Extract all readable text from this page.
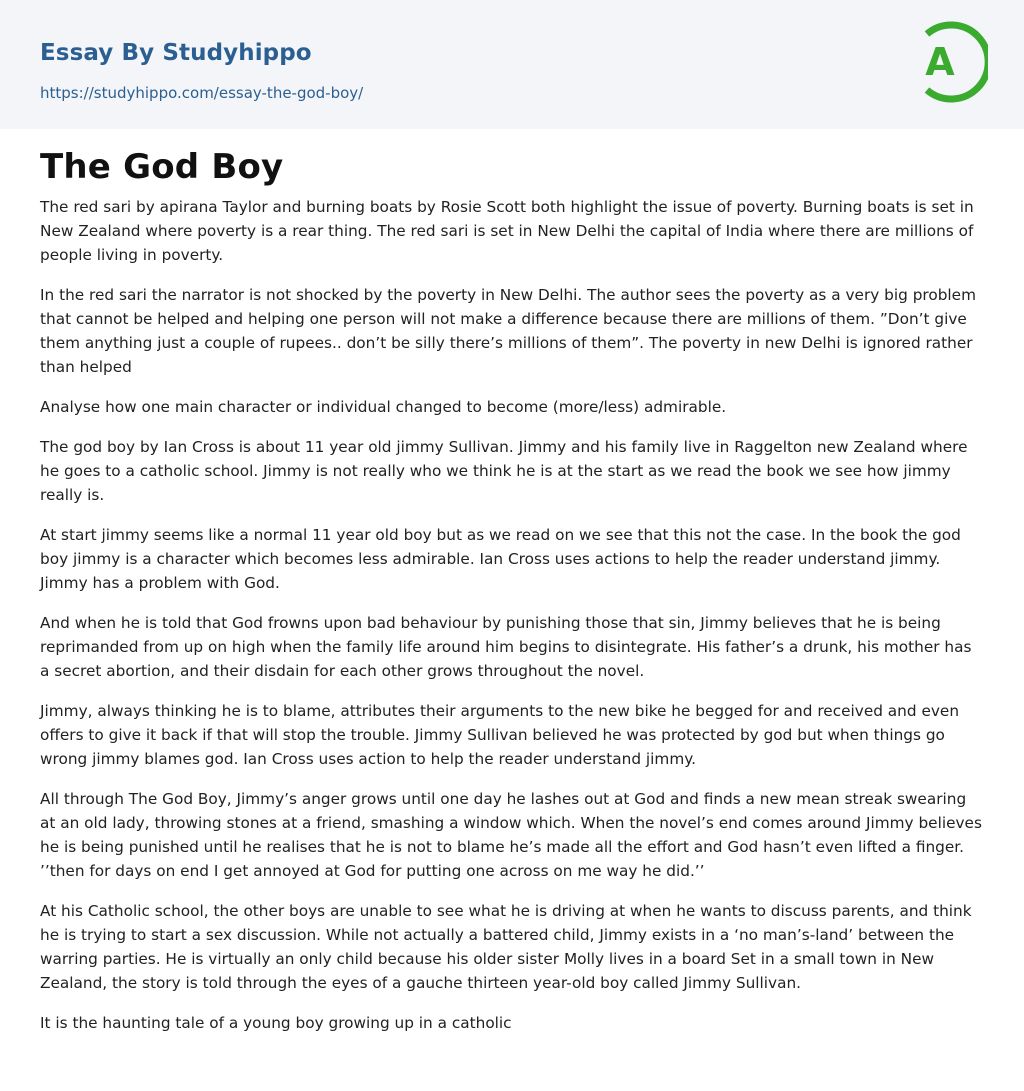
Essay By Studyhippo
https://studyhippo.com/essay-the-god-boy/
A
The God Boy

The red sari by apirana Taylor and burning boats by Rosie Scott both highlight the issue of poverty. Burning boats is set in New Zealand where poverty is a rear thing. The red sari is set in New Delhi the capital of India where there are millions of people living in poverty.

In the red sari the narrator is not shocked by the poverty in New Delhi. The author sees the poverty as a very big problem that cannot be helped and helping one person will not make a difference because there are millions of them. ”Don’t give them anything just a couple of rupees.. don’t be silly there’s millions of them”. The poverty in new Delhi is ignored rather than helped

Analyse how one main character or individual changed to become (more/less) admirable.

The god boy by Ian Cross is about 11 year old jimmy Sullivan. Jimmy and his family live in Raggelton new Zealand where he goes to a catholic school. Jimmy is not really who we think he is at the start as we read the book we see how jimmy really is.

At start jimmy seems like a normal 11 year old boy but as we read on we see that this not the case. In the book the god boy jimmy is a character which becomes less admirable. Ian Cross uses actions to help the reader understand jimmy. Jimmy has a problem with God.

And when he is told that God frowns upon bad behaviour by punishing those that sin, Jimmy believes that he is being reprimanded from up on high when the family life around him begins to disintegrate. His father’s a drunk, his mother has a secret abortion, and their disdain for each other grows throughout the novel.

Jimmy, always thinking he is to blame, attributes their arguments to the new bike he begged for and received and even offers to give it back if that will stop the trouble. Jimmy Sullivan believed he was protected by god but when things go wrong jimmy blames god. Ian Cross uses action to help the reader understand jimmy.

All through The God Boy, Jimmy’s anger grows until one day he lashes out at God and finds a new mean streak swearing at an old lady, throwing stones at a friend, smashing a window which. When the novel’s end comes around Jimmy believes he is being punished until he realises that he is not to blame he’s made all the effort and God hasn’t even lifted a finger. ’’then for days on end I get annoyed at God for putting one across on me way he did.’’

At his Catholic school, the other boys are unable to see what he is driving at when he wants to discuss parents, and think he is trying to start a sex discussion. While not actually a battered child, Jimmy exists in a ‘no man’s-land’ between the warring parties. He is virtually an only child because his older sister Molly lives in a board Set in a small town in New Zealand, the story is told through the eyes of a gauche thirteen year-old boy called Jimmy Sullivan.

It is the haunting tale of a young boy growing up in a catholic
